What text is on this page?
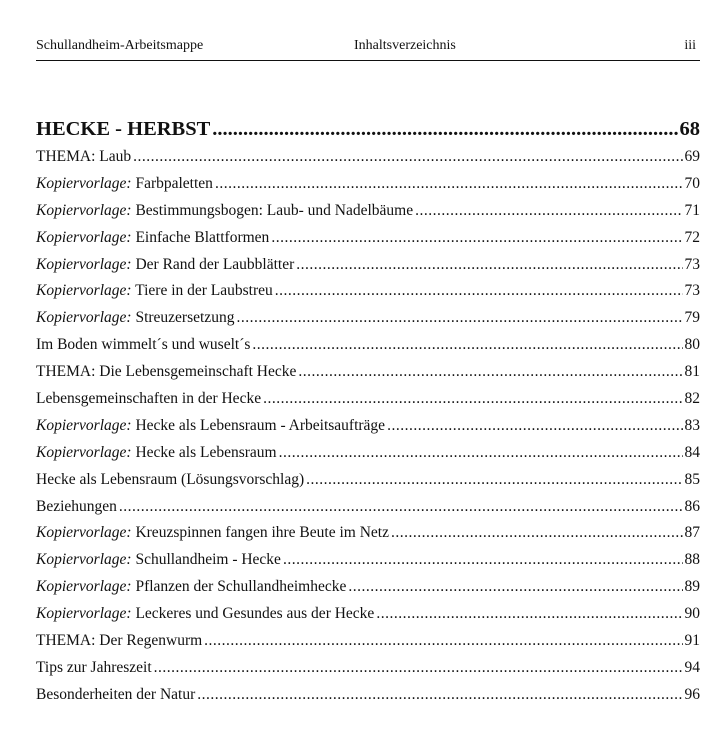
Schullandheim-Arbeitsmappe	Inhaltsverzeichnis	iii
HECKE - HERBST .....	68
THEMA: Laub .....	69
Kopiervorlage: Farbpaletten .....	70
Kopiervorlage: Bestimmungsbogen: Laub- und Nadelbäume .....	71
Kopiervorlage: Einfache Blattformen .....	72
Kopiervorlage: Der Rand der Laubblätter .....	73
Kopiervorlage: Tiere in der Laubstreu .....	73
Kopiervorlage: Streuzersetzung .....	79
Im Boden wimmelt´s und wuselt´s .....	80
THEMA: Die Lebensgemeinschaft Hecke .....	81
Lebensgemeinschaften in der Hecke .....	82
Kopiervorlage: Hecke als Lebensraum - Arbeitsaufträge .....	83
Kopiervorlage: Hecke als Lebensraum .....	84
Hecke als Lebensraum (Lösungsvorschlag) .....	85
Beziehungen .....	86
Kopiervorlage: Kreuzspinnen fangen ihre Beute im Netz .....	87
Kopiervorlage: Schullandheim - Hecke .....	88
Kopiervorlage: Pflanzen der Schullandheimhecke .....	89
Kopiervorlage: Leckeres und Gesundes aus der Hecke .....	90
THEMA: Der Regenwurm .....	91
Tips zur Jahreszeit .....	94
Besonderheiten der Natur .....	96
